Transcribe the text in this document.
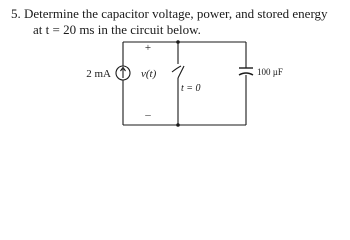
5. Determine the capacitor voltage, power, and stored energy
at t = 20 ms in the circuit below.

2 mA	v(t)
+
–
t = 0
100 µF
